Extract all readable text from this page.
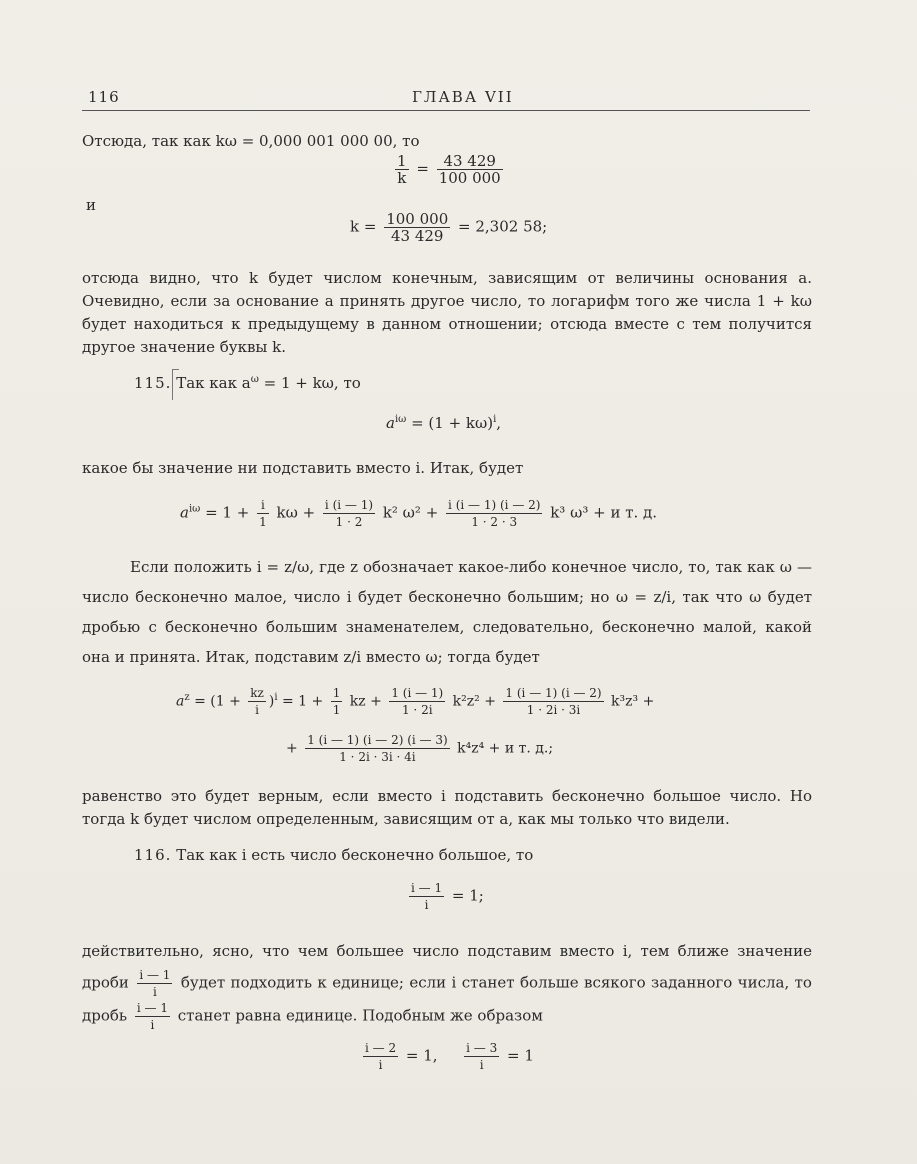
116	ГЛАВА VII

Отсюда, так как kω = 0,000 001 000 00, то

$\frac{1}{k} = \frac{43 429}{100 000}$

и

$k = \frac{100 000}{43 429} = 2,302$ 58;

отсюда видно, что k будет числом конечным, зависящим от величины основания a. Очевидно, если за основание a принять другое число, то логарифм того же числа 1 + kω будет находиться к предыдущему в данном отношении; отсюда вместе с тем получится другое значение буквы k.

115. Так как $a^\omega = 1 + k\omega$, то
$a^{i\omega} = (1 + k\omega)^i$,

какое бы значение ни подставить вместо i. Итак, будет

$a^{i\omega} = 1 + \frac{i}{1}$ $k\omega + \frac{i (i — 1)}{1 \cdot 2} k^2$ $\omega^2 + \frac{i (i — 1) (i — 2)}{1 \cdot 2 \cdot 3} k^3$ ω³ + и т. д.

Если положить i = z/ω, где z обозначает какое-либо конечное число, то, так как ω — число бесконечно малое, число i будет бесконечно большим; но ω = z/i, так что ω будет дробью с бесконечно большим знаменателем, следовательно, бесконечно малой, какой она и принята. Итак, подставим z/i вместо ω; тогда будет

$a^z = (1 + \frac{kz}{i} )^i = 1 + \frac{1}{1}$ kz + $\frac{1 (i — 1)}{1 \cdot 2i} k^2z^2 + \frac{1 (i — 1) (i — 2)}{1 \cdot 2i \cdot 3i} k^3z^3$ +
+ $\frac{1 (i — 1) (i — 2) (i — 3)}{1 \cdot 2i \cdot 3i \cdot 4i} k^4z^4 + и$ т. д.;

равенство это будет верным, если вместо i подставить бесконечно большое число. Но тогда k будет числом определенным, зависящим от a, как мы только что видели.

116. Так как i есть число бесконечно большое, то
$\frac{i — 1}{i} = 1$;
действительно, ясно, что чем большее число подставим вместо i, тем ближе значение дроби $\frac{i — 1}{i}$ будет подходить к единице; если i станет больше всякого заданного числа, то дробь $\frac{i — 1}{i}$ станет равна единице. Подобным же образом
$\frac{i — 2}{i} = 1$, $\frac{i — 3}{i} = 1$
